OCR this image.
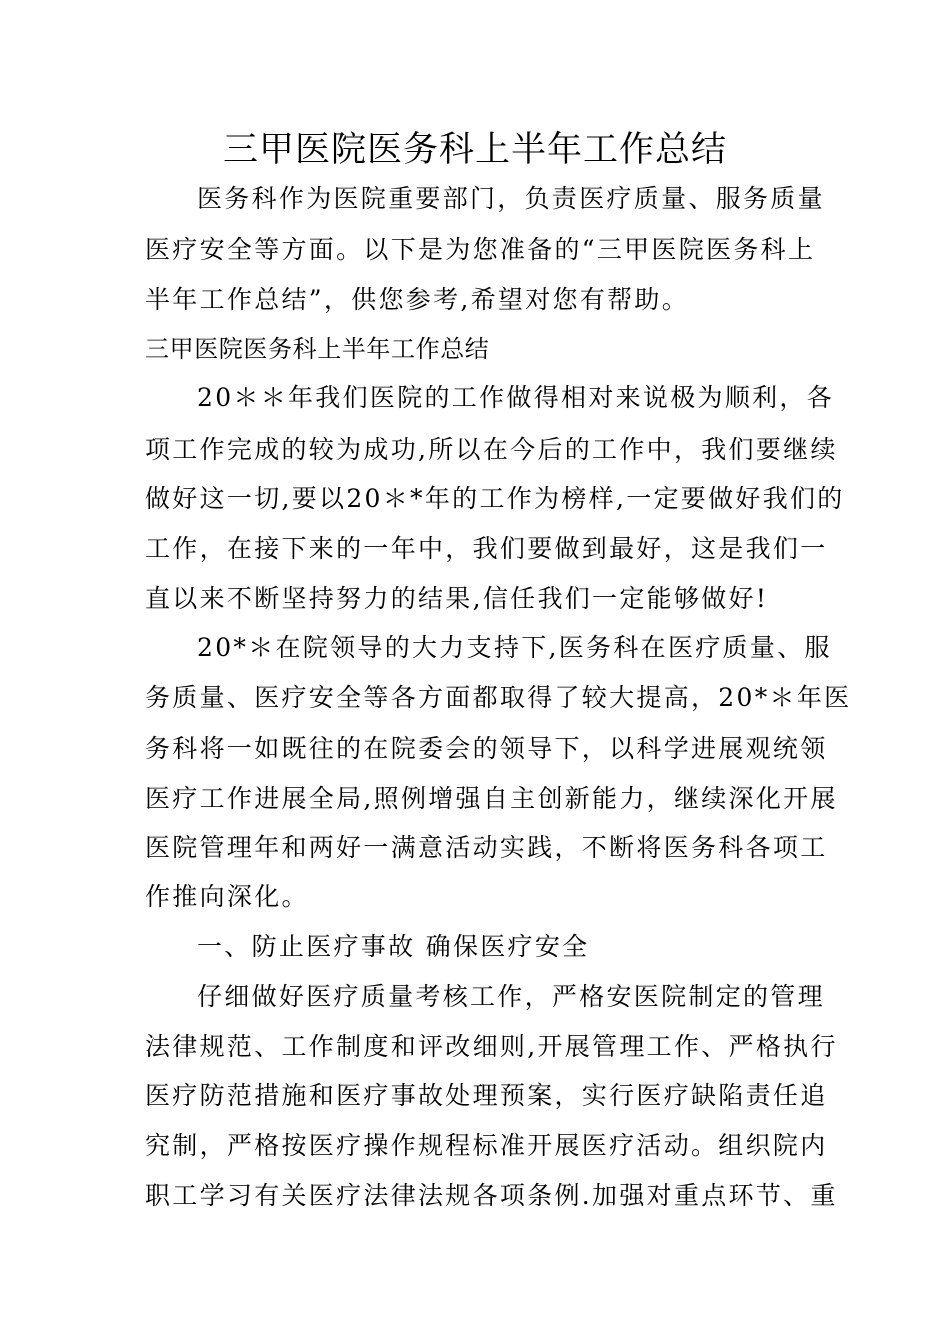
三甲医院医务科上半年工作总结
医务科作为医院重要部门，负责医疗质量、服务质量
医疗安全等方面。以下是为您准备的“三甲医院医务科上
半年工作总结”，供您参考,希望对您有帮助。
三甲医院医务科上半年工作总结
20＊＊年我们医院的工作做得相对来说极为顺利，各
项工作完成的较为成功,所以在今后的工作中，我们要继续
做好这一切,要以20＊*年的工作为榜样,一定要做好我们的
工作，在接下来的一年中，我们要做到最好，这是我们一
直以来不断坚持努力的结果,信任我们一定能够做好!
20*＊在院领导的大力支持下,医务科在医疗质量、服
务质量、医疗安全等各方面都取得了较大提高，20*＊年医
务科将一如既往的在院委会的领导下，以科学进展观统领
医疗工作进展全局,照例增强自主创新能力，继续深化开展
医院管理年和两好一满意活动实践，不断将医务科各项工
作推向深化。
一、防止医疗事故 确保医疗安全
仔细做好医疗质量考核工作，严格安医院制定的管理
法律规范、工作制度和评改细则,开展管理工作、严格执行
医疗防范措施和医疗事故处理预案，实行医疗缺陷责任追
究制，严格按医疗操作规程标准开展医疗活动。组织院内
职工学习有关医疗法律法规各项条例.加强对重点环节、重
